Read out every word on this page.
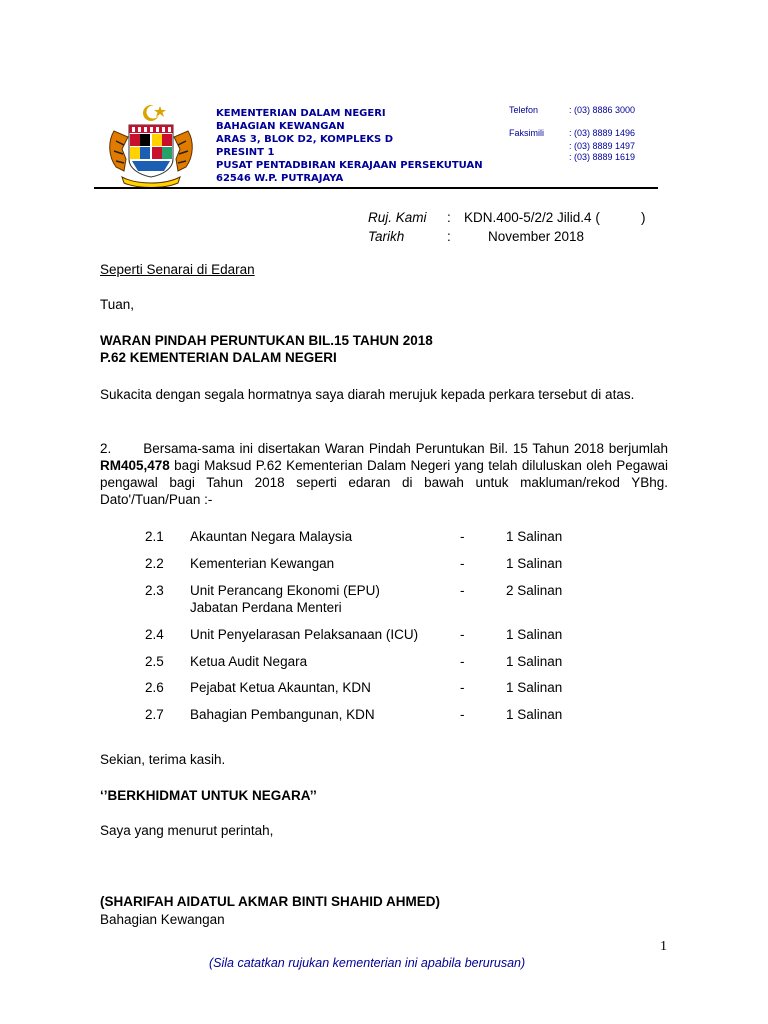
KEMENTERIAN DALAM NEGERI
BAHAGIAN KEWANGAN
ARAS 3, BLOK D2, KOMPLEKS D
PRESINT 1
PUSAT PENTADBIRAN KERAJAAN PERSEKUTUAN
62546 W.P. PUTRAJAYA
Telefon	: (03) 8886 3000
Faksimili	: (03) 8889 1496
: (03) 8889 1497
: (03) 8889 1619
Ruj. Kami : KDN.400-5/2/2 Jilid.4 (	)
Tarikh	:	November 2018
Seperti Senarai di Edaran
Tuan,
WARAN PINDAH PERUNTUKAN BIL.15 TAHUN 2018
P.62 KEMENTERIAN DALAM NEGERI
Sukacita dengan segala hormatnya saya diarah merujuk kepada perkara tersebut di atas.
2. Bersama-sama ini disertakan Waran Pindah Peruntukan Bil. 15 Tahun 2018 berjumlah RM405,478 bagi Maksud P.62 Kementerian Dalam Negeri yang telah diluluskan oleh Pegawai pengawal bagi Tahun 2018 seperti edaran di bawah untuk makluman/rekod YBhg. Dato'/Tuan/Puan :-
2.1 Akauntan Negara Malaysia	-	1 Salinan
2.2 Kementerian Kewangan	-	1 Salinan
2.3 Unit Perancang Ekonomi (EPU)
Jabatan Perdana Menteri
-	2 Salinan
2.4 Unit Penyelarasan Pelaksanaan (ICU)	-	1 Salinan
2.5 Ketua Audit Negara	-	1 Salinan
2.6 Pejabat Ketua Akauntan, KDN	-	1 Salinan
2.7 Bahagian Pembangunan, KDN	-	1 Salinan
Sekian, terima kasih.
‘’BERKHIDMAT UNTUK NEGARA’’
Saya yang menurut perintah,
(SHARIFAH AIDATUL AKMAR BINTI SHAHID AHMED)
Bahagian Kewangan
1
(Sila catatkan rujukan kementerian ini apabila berurusan)
